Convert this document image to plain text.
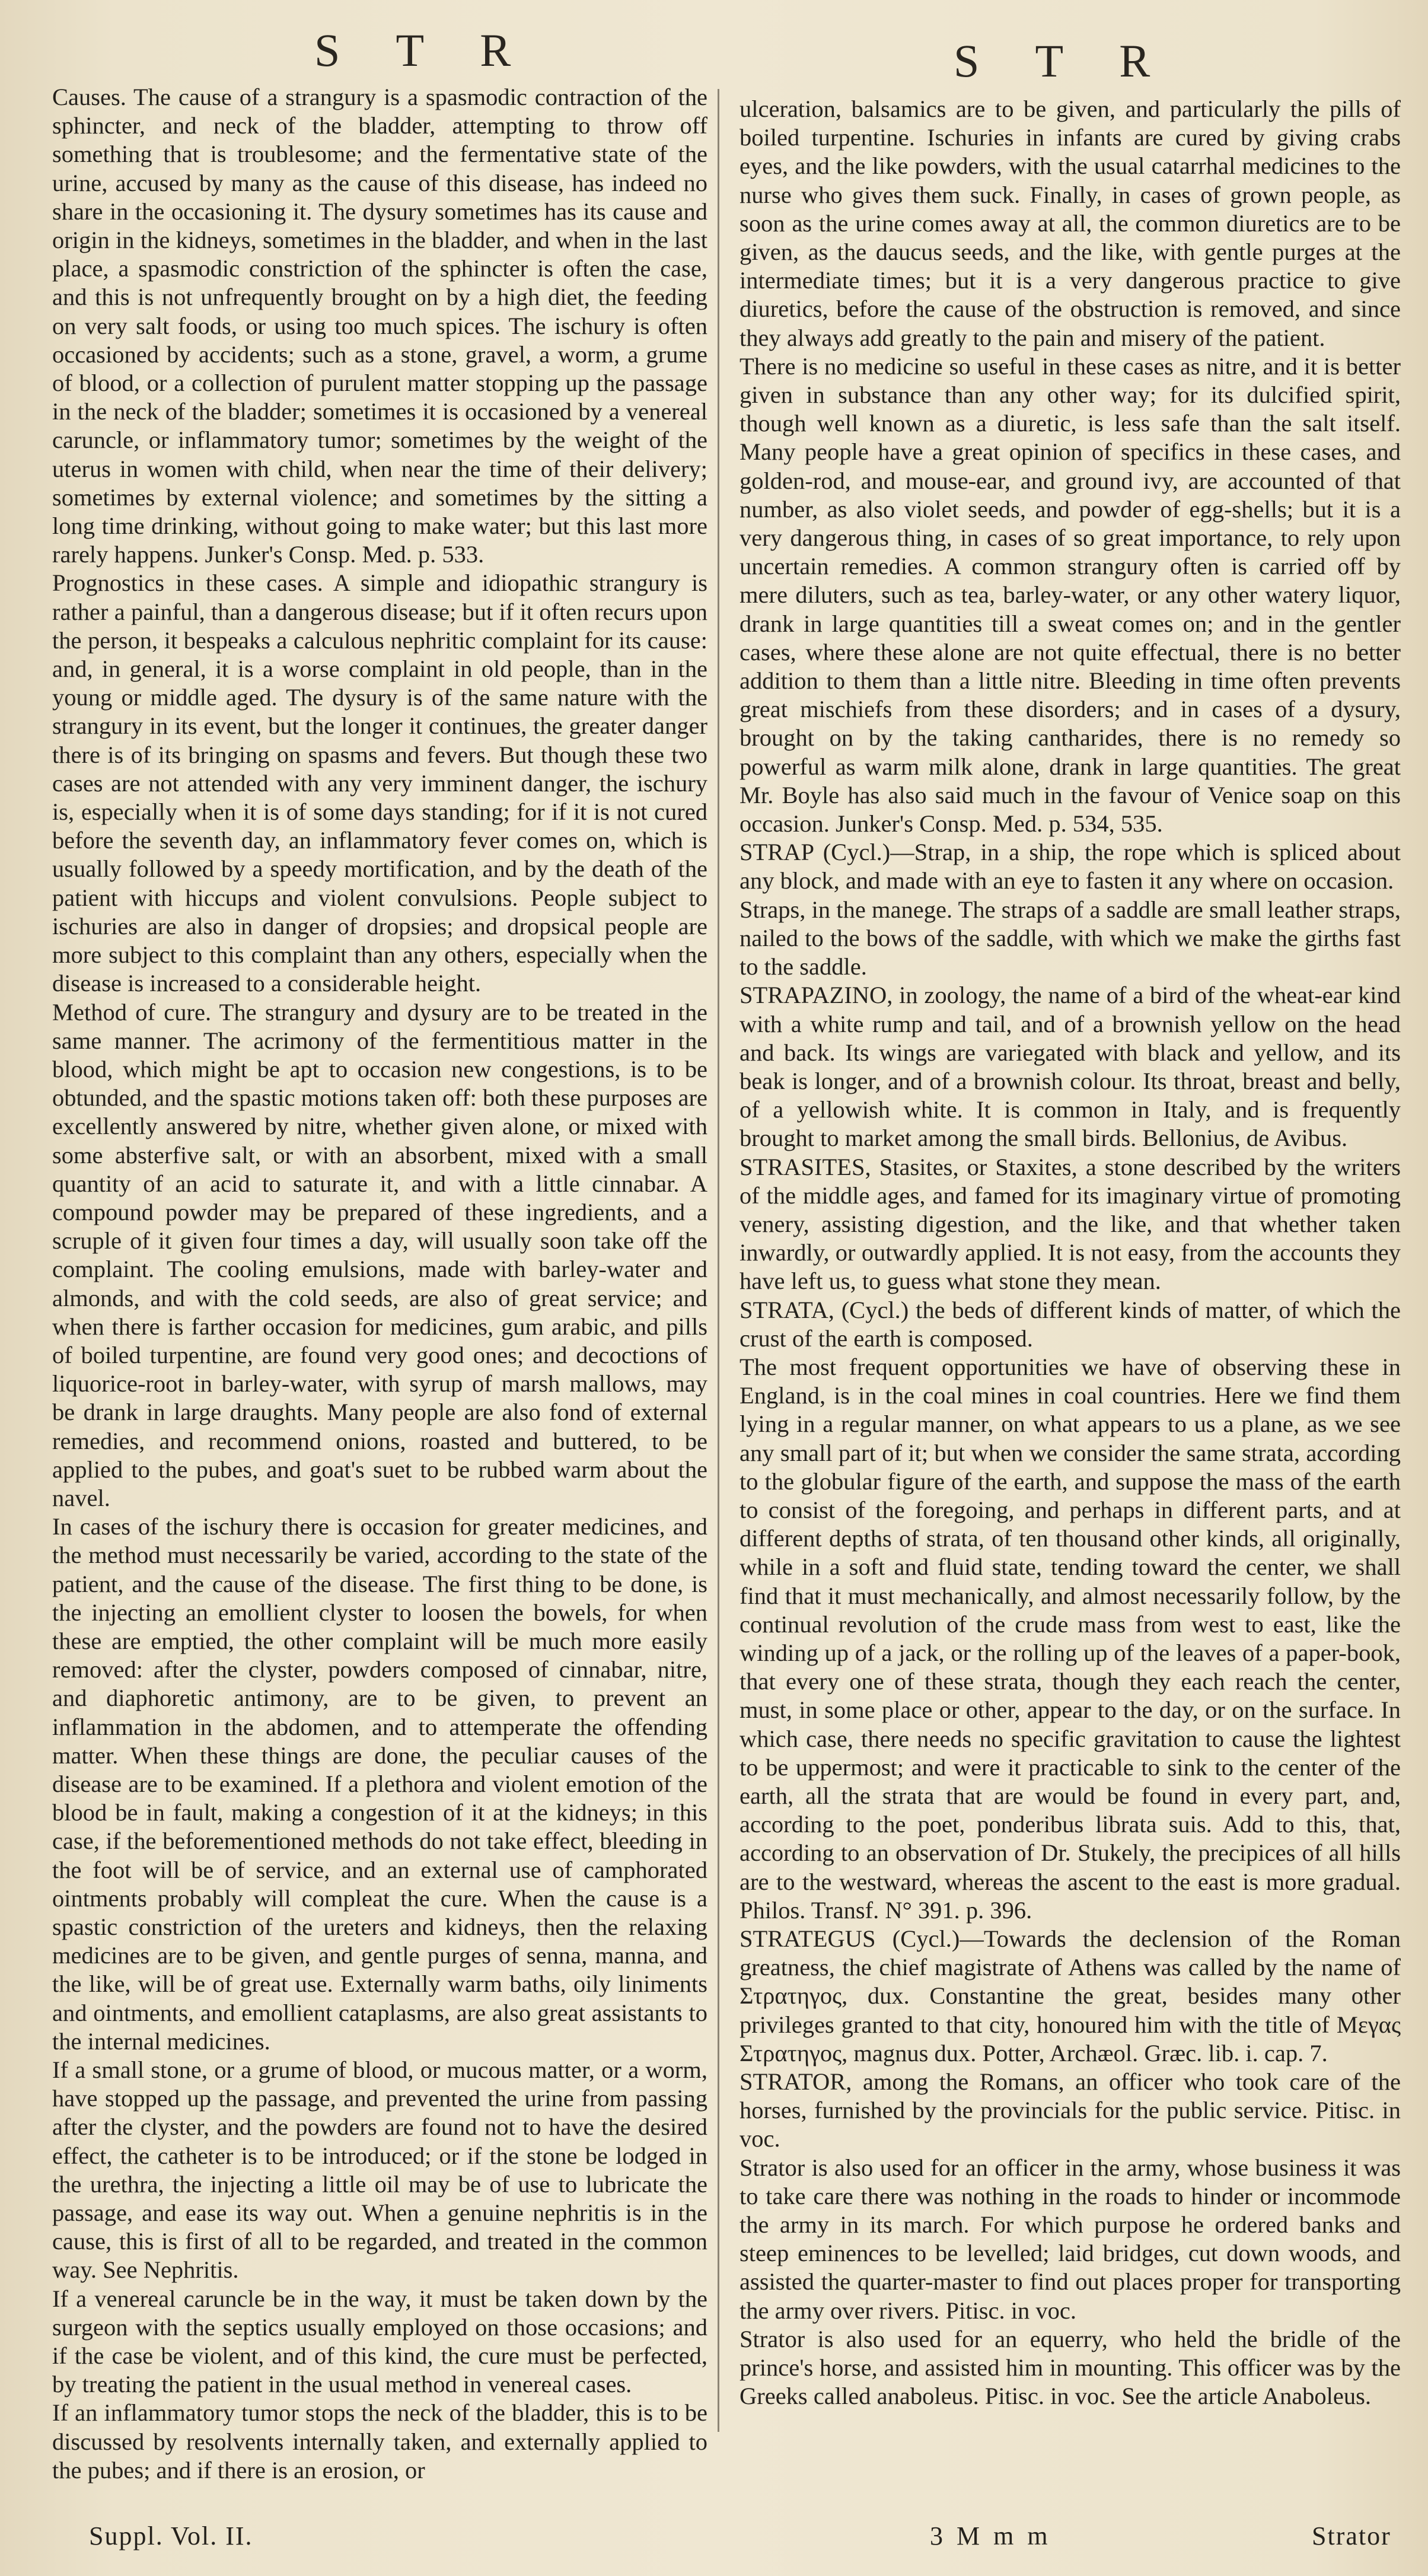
S T R	S T R

Causes. The cause of a strangury is a spasmodic contraction of the sphincter, and neck of the bladder, attempting to throw off something that is troublesome; and the fermentative state of the urine, accused by many as the cause of this disease, has indeed no share in the occasioning it. The dysury sometimes has its cause and origin in the kidneys, sometimes in the bladder, and when in the last place, a spasmodic constriction of the sphincter is often the case, and this is not unfrequently brought on by a high diet, the feeding on very salt foods, or using too much spices. The ischury is often occasioned by accidents; such as a stone, gravel, a worm, a grume of blood, or a collection of purulent matter stopping up the passage in the neck of the bladder; sometimes it is occasioned by a venereal caruncle, or inflammatory tumor; sometimes by the weight of the uterus in women with child, when near the time of their delivery; sometimes by external violence; and sometimes by the sitting a long time drinking, without going to make water; but this last more rarely happens. Junker's Consp. Med. p. 533.

Prognostics in these cases. A simple and idiopathic strangury is rather a painful, than a dangerous disease; but if it often recurs upon the person, it bespeaks a calculous nephritic complaint for its cause: and, in general, it is a worse complaint in old people, than in the young or middle aged. The dysury is of the same nature with the strangury in its event, but the longer it continues, the greater danger there is of its bringing on spasms and fevers. But though these two cases are not attended with any very imminent danger, the ischury is, especially when it is of some days standing; for if it is not cured before the seventh day, an inflammatory fever comes on, which is usually followed by a speedy mortification, and by the death of the patient with hiccups and violent convulsions. People subject to ischuries are also in danger of dropsies; and dropsical people are more subject to this complaint than any others, especially when the disease is increased to a considerable height.

Method of cure. The strangury and dysury are to be treated in the same manner. The acrimony of the fermentitious matter in the blood, which might be apt to occasion new congestions, is to be obtunded, and the spastic motions taken off: both these purposes are excellently answered by nitre, whether given alone, or mixed with some absterfive salt, or with an absorbent, mixed with a small quantity of an acid to saturate it, and with a little cinnabar. A compound powder may be prepared of these ingredients, and a scruple of it given four times a day, will usually soon take off the complaint. The cooling emulsions, made with barley-water and almonds, and with the cold seeds, are also of great service; and when there is farther occasion for medicines, gum arabic, and pills of boiled turpentine, are found very good ones; and decoctions of liquorice-root in barley-water, with syrup of marsh mallows, may be drank in large draughts. Many people are also fond of external remedies, and recommend onions, roasted and buttered, to be applied to the pubes, and goat's suet to be rubbed warm about the navel.

In cases of the ischury there is occasion for greater medicines, and the method must necessarily be varied, according to the state of the patient, and the cause of the disease. The first thing to be done, is the injecting an emollient clyster to loosen the bowels, for when these are emptied, the other complaint will be much more easily removed: after the clyster, powders composed of cinnabar, nitre, and diaphoretic antimony, are to be given, to prevent an inflammation in the abdomen, and to attemperate the offending matter. When these things are done, the peculiar causes of the disease are to be examined. If a plethora and violent emotion of the blood be in fault, making a congestion of it at the kidneys; in this case, if the beforementioned methods do not take effect, bleeding in the foot will be of service, and an external use of camphorated ointments probably will compleat the cure. When the cause is a spastic constriction of the ureters and kidneys, then the relaxing medicines are to be given, and gentle purges of senna, manna, and the like, will be of great use. Externally warm baths, oily liniments and ointments, and emollient cataplasms, are also great assistants to the internal medicines.

If a small stone, or a grume of blood, or mucous matter, or a worm, have stopped up the passage, and prevented the urine from passing after the clyster, and the powders are found not to have the desired effect, the catheter is to be introduced; or if the stone be lodged in the urethra, the injecting a little oil may be of use to lubricate the passage, and ease its way out. When a genuine nephritis is in the cause, this is first of all to be regarded, and treated in the common way. See Nephritis.

If a venereal caruncle be in the way, it must be taken down by the surgeon with the septics usually employed on those occasions; and if the case be violent, and of this kind, the cure must be perfected, by treating the patient in the usual method in venereal cases.

If an inflammatory tumor stops the neck of the bladder, this is to be discussed by resolvents internally taken, and externally applied to the pubes; and if there is an erosion, or

ulceration, balsamics are to be given, and particularly the pills of boiled turpentine. Ischuries in infants are cured by giving crabs eyes, and the like powders, with the usual catarrhal medicines to the nurse who gives them suck. Finally, in cases of grown people, as soon as the urine comes away at all, the common diuretics are to be given, as the daucus seeds, and the like, with gentle purges at the intermediate times; but it is a very dangerous practice to give diuretics, before the cause of the obstruction is removed, and since they always add greatly to the pain and misery of the patient.

There is no medicine so useful in these cases as nitre, and it is better given in substance than any other way; for its dulcified spirit, though well known as a diuretic, is less safe than the salt itself. Many people have a great opinion of specifics in these cases, and golden-rod, and mouse-ear, and ground ivy, are accounted of that number, as also violet seeds, and powder of egg-shells; but it is a very dangerous thing, in cases of so great importance, to rely upon uncertain remedies. A common strangury often is carried off by mere diluters, such as tea, barley-water, or any other watery liquor, drank in large quantities till a sweat comes on; and in the gentler cases, where these alone are not quite effectual, there is no better addition to them than a little nitre. Bleeding in time often prevents great mischiefs from these disorders; and in cases of a dysury, brought on by the taking cantharides, there is no remedy so powerful as warm milk alone, drank in large quantities. The great Mr. Boyle has also said much in the favour of Venice soap on this occasion. Junker's Consp. Med. p. 534, 535.

STRAP (Cycl.)—Strap, in a ship, the rope which is spliced about any block, and made with an eye to fasten it any where on occasion.

Straps, in the manege. The straps of a saddle are small leather straps, nailed to the bows of the saddle, with which we make the girths fast to the saddle.

STRAPAZINO, in zoology, the name of a bird of the wheat-ear kind with a white rump and tail, and of a brownish yellow on the head and back. Its wings are variegated with black and yellow, and its beak is longer, and of a brownish colour. Its throat, breast and belly, of a yellowish white. It is common in Italy, and is frequently brought to market among the small birds. Bellonius, de Avibus.

STRASITES, Stasites, or Staxites, a stone described by the writers of the middle ages, and famed for its imaginary virtue of promoting venery, assisting digestion, and the like, and that whether taken inwardly, or outwardly applied. It is not easy, from the accounts they have left us, to guess what stone they mean.

STRATA, (Cycl.) the beds of different kinds of matter, of which the crust of the earth is composed.

The most frequent opportunities we have of observing these in England, is in the coal mines in coal countries. Here we find them lying in a regular manner, on what appears to us a plane, as we see any small part of it; but when we consider the same strata, according to the globular figure of the earth, and suppose the mass of the earth to consist of the foregoing, and perhaps in different parts, and at different depths of strata, of ten thousand other kinds, all originally, while in a soft and fluid state, tending toward the center, we shall find that it must mechanically, and almost necessarily follow, by the continual revolution of the crude mass from west to east, like the winding up of a jack, or the rolling up of the leaves of a paper-book, that every one of these strata, though they each reach the center, must, in some place or other, appear to the day, or on the surface. In which case, there needs no specific gravitation to cause the lightest to be uppermost; and were it practicable to sink to the center of the earth, all the strata that are would be found in every part, and, according to the poet, ponderibus librata suis. Add to this, that, according to an observation of Dr. Stukely, the precipices of all hills are to the westward, whereas the ascent to the east is more gradual. Philos. Transf. N° 391. p. 396.

STRATEGUS (Cycl.)—Towards the declension of the Roman greatness, the chief magistrate of Athens was called by the name of Στρατηγος, dux. Constantine the great, besides many other privileges granted to that city, honoured him with the title of Μεγας Στρατηγος, magnus dux. Potter, Archæol. Græc. lib. i. cap. 7.

STRATOR, among the Romans, an officer who took care of the horses, furnished by the provincials for the public service. Pitisc. in voc.

Strator is also used for an officer in the army, whose business it was to take care there was nothing in the roads to hinder or incommode the army in its march. For which purpose he ordered banks and steep eminences to be levelled; laid bridges, cut down woods, and assisted the quarter-master to find out places proper for transporting the army over rivers. Pitisc. in voc.

Strator is also used for an equerry, who held the bridle of the prince's horse, and assisted him in mounting. This officer was by the Greeks called anaboleus. Pitisc. in voc. See the article Anaboleus.

Suppl. Vol. II.	3 M m m	Strator
